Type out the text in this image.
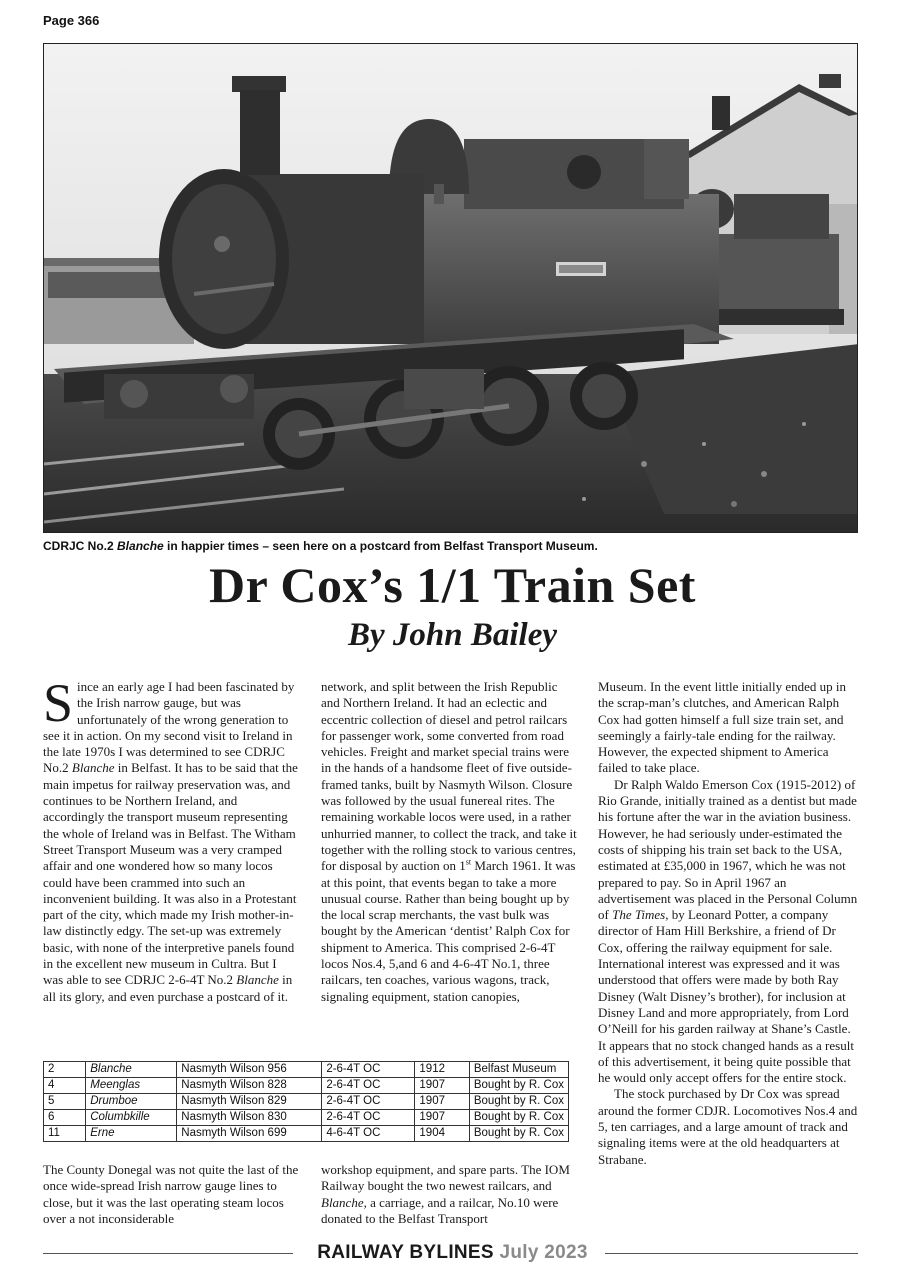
Page 366
CDRJC No.2 Blanche in happier times – seen here on a postcard from Belfast Transport Museum.
Dr Cox’s 1/1 Train Set
By John Bailey

Since an early age I had been fascinated by the Irish narrow gauge, but was unfortunately of the wrong generation to see it in action. On my second visit to Ireland in the late 1970s I was determined to see CDRJC No.2 Blanche in Belfast. It has to be said that the main impetus for railway preservation was, and continues to be Northern Ireland, and accordingly the transport museum representing the whole of Ireland was in Belfast. The Witham Street Transport Museum was a very cramped affair and one wondered how so many locos could have been crammed into such an inconvenient building. It was also in a Protestant part of the city, which made my Irish mother-in-law distinctly edgy. The set-up was extremely basic, with none of the interpretive panels found in the excellent new museum in Cultra. But I was able to see CDRJC 2-6-4T No.2 Blanche in all its glory, and even purchase a postcard of it.

network, and split between the Irish Republic and Northern Ireland. It had an eclectic and eccentric collection of diesel and petrol railcars for passenger work, some converted from road vehicles. Freight and market special trains were in the hands of a handsome fleet of five outside-framed tanks, built by Nasmyth Wilson. Closure was followed by the usual funereal rites. The remaining workable locos were used, in a rather unhurried manner, to collect the track, and take it together with the rolling stock to various centres, for disposal by auction on 1st March 1961. It was at this point, that events began to take a more unusual course. Rather than being bought up by the local scrap merchants, the vast bulk was bought by the American ‘dentist’ Ralph Cox for shipment to America. This comprised 2-6-4T locos Nos.4, 5,and 6 and 4-6-4T No.1, three railcars, ten coaches, various wagons, track, signaling equipment, station canopies,

Museum. In the event little initially ended up in the scrap-man’s clutches, and American Ralph Cox had gotten himself a full size train set, and seemingly a fairly-tale ending for the railway. However, the expected shipment to America failed to take place.

Dr Ralph Waldo Emerson Cox (1915-2012) of Rio Grande, initially trained as a dentist but made his fortune after the war in the aviation business. However, he had seriously under-estimated the costs of shipping his train set back to the USA, estimated at £35,000 in 1967, which he was not prepared to pay. So in April 1967 an advertisement was placed in the Personal Column of The Times, by Leonard Potter, a company director of Ham Hill Berkshire, a friend of Dr Cox, offering the railway equipment for sale. International interest was expressed and it was understood that offers were made by both Ray Disney (Walt Disney’s brother), for inclusion at Disney Land and more appropriately, from Lord O’Neill for his garden railway at Shane’s Castle. It appears that no stock changed hands as a result of this advertisement, it being quite possible that he would only accept offers for the entire stock.

The stock purchased by Dr Cox was spread around the former CDJR. Locomotives Nos.4 and 5, ten carriages, and a large amount of track and signaling items were at the old headquarters at Strabane.

2	Blanche	Nasmyth Wilson 956	2-6-4T OC	1912	Belfast Museum
4	Meenglas	Nasmyth Wilson 828	2-6-4T OC	1907	Bought by R. Cox
5	Drumboe	Nasmyth Wilson 829	2-6-4T OC	1907	Bought by R. Cox
6	Columbkille	Nasmyth Wilson 830	2-6-4T OC	1907	Bought by R. Cox
11	Erne	Nasmyth Wilson 699	4-6-4T OC	1904	Bought by R. Cox

The County Donegal was not quite the last of the once wide-spread Irish narrow gauge lines to close, but it was the last operating steam locos over a not inconsiderable

workshop equipment, and spare parts. The IOM Railway bought the two newest railcars, and Blanche, a carriage, and a railcar, No.10 were donated to the Belfast Transport

RAILWAY BYLINES July 2023
